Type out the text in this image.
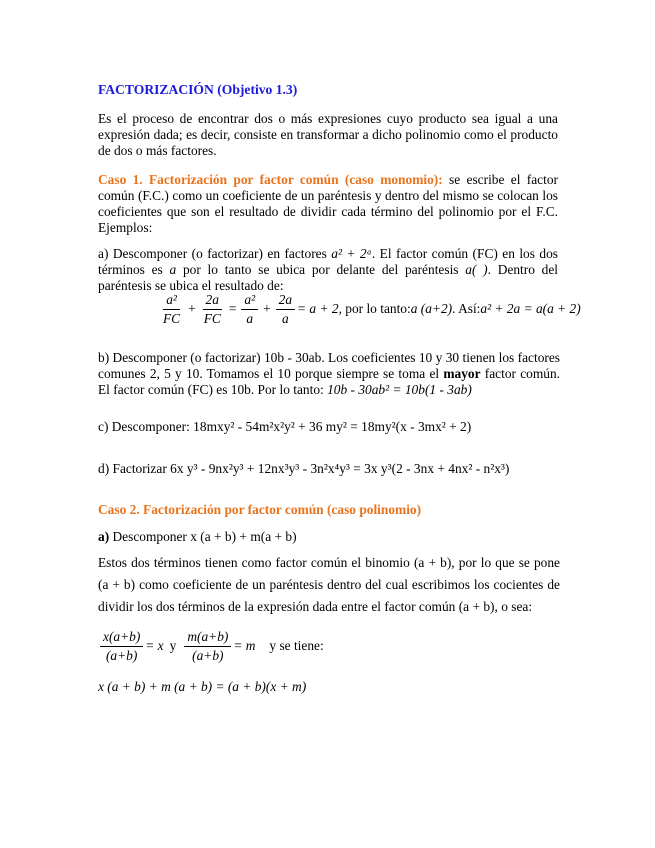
FACTORIZACIÓN (Objetivo 1.3)

Es el proceso de encontrar dos o más expresiones cuyo producto sea igual a una expresión dada; es decir, consiste en transformar a dicho polinomio como el producto de dos o más factores.

Caso 1. Factorización por factor común (caso monomio): se escribe el factor común (F.C.) como un coeficiente de un paréntesis y dentro del mismo se colocan los coeficientes que son el resultado de dividir cada término del polinomio por el F.C. Ejemplos:

a) Descomponer (o factorizar) en factores a² + 2ᵃ. El factor común (FC) en los dos términos es a por lo tanto se ubica por delante del paréntesis a( ). Dentro del paréntesis se ubica el resultado de:

$\frac{\text{a²}}{FC} + \frac{2a}{FC} = \frac{\text{a²}}{a} + \frac{2a}{a} = a + 2$ , por lo tanto: a (a+2) . Así: a² + 2a = a(a + 2)

b) Descomponer (o factorizar) 10b - 30ab. Los coeficientes 10 y 30 tienen los factores comunes 2, 5 y 10. Tomamos el 10 porque siempre se toma el mayor factor común. El factor común (FC) es 10b. Por lo tanto: 10b - 30ab² = 10b(1 - 3ab)

c) Descomponer: 18mxy² - 54m²x²y² + 36 my² = 18my²(x - 3mx² + 2)

d) Factorizar 6x y³ - 9nx²y³ + 12nx³y³ - 3n²x⁴y³ = 3x y³(2 - 3nx + 4nx² - n²x³)

Caso 2. Factorización por factor común (caso polinomio)

a) Descomponer x (a + b) + m(a + b)

Estos dos términos tienen como factor común el binomio (a + b), por lo que se pone (a + b) como coeficiente de un paréntesis dentro del cual escribimos los cocientes de dividir los dos términos de la expresión dada entre el factor común (a + b), o sea:

$\frac{x(a+b)}{(a+b)} = x$ y $\frac{m(a+b)}{(a+b)} = m$ y se tiene:

x (a + b) + m (a + b) = (a + b)(x + m)
